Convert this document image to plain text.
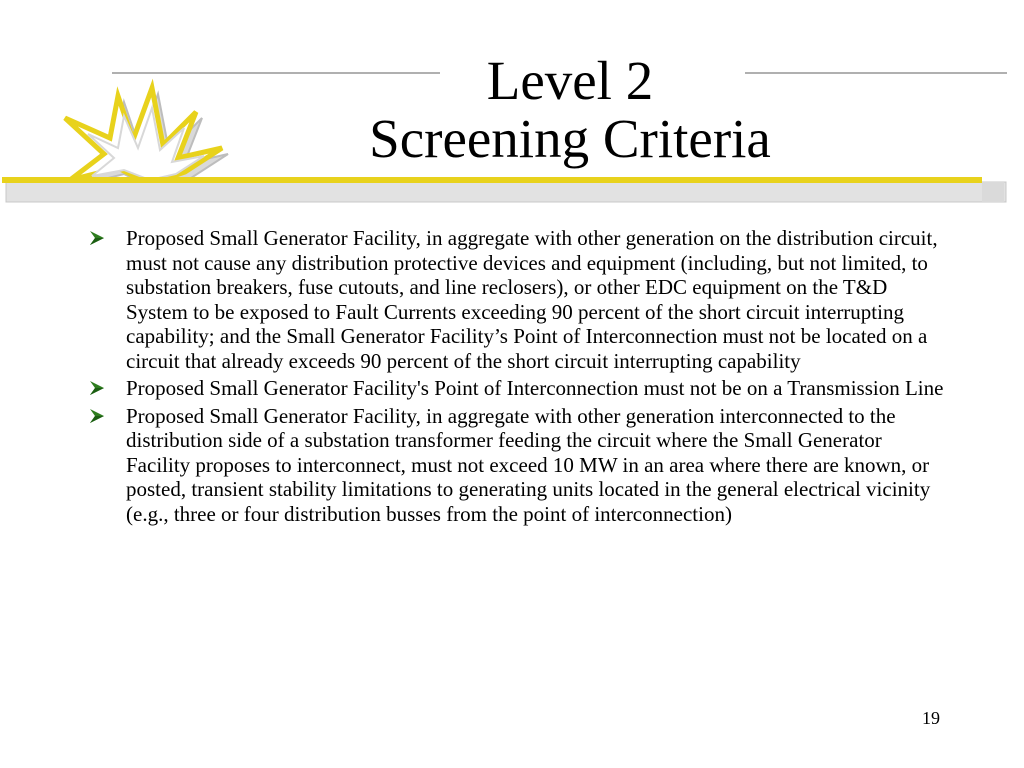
Level 2
Screening Criteria
Proposed Small Generator Facility, in aggregate with other generation on the distribution circuit, must not cause any distribution protective devices and equipment (including, but not limited, to substation breakers, fuse cutouts, and line reclosers), or other EDC equipment on the T&D System to be exposed to Fault Currents exceeding 90 percent of the short circuit interrupting capability; and the Small Generator Facility’s Point of Interconnection must not be located on a circuit that already exceeds 90 percent of the short circuit interrupting capability
Proposed Small Generator Facility's Point of Interconnection must not be on a Transmission Line
Proposed Small Generator Facility, in aggregate with other generation interconnected to the distribution side of a substation transformer feeding the circuit where the Small Generator Facility proposes to interconnect, must not exceed 10 MW in an area where there are known, or posted, transient stability limitations to generating units located in the general electrical vicinity (e.g., three or four distribution busses from the point of interconnection)
19
